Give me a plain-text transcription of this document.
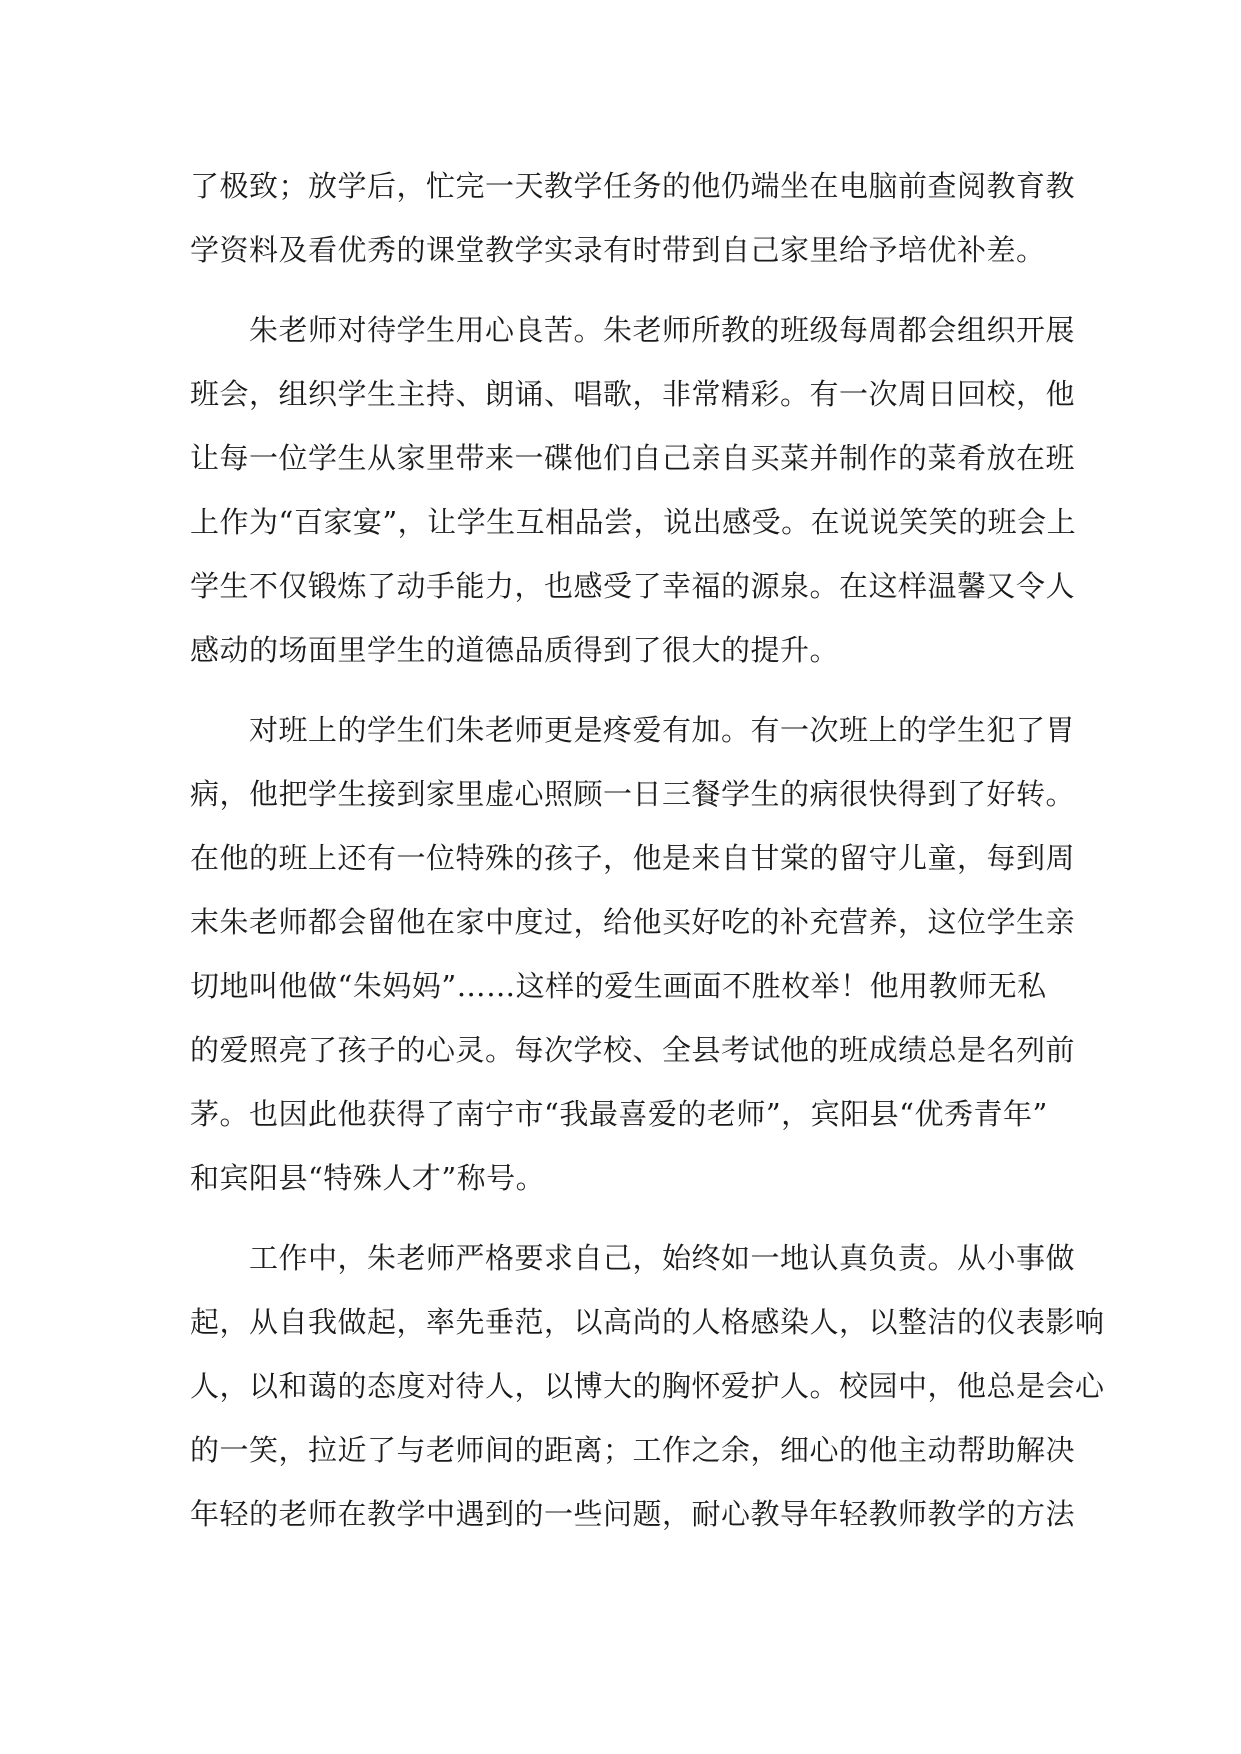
了极致；放学后，忙完一天教学任务的他仍端坐在电脑前查阅教育教
学资料及看优秀的课堂教学实录有时带到自己家里给予培优补差。
　　朱老师对待学生用心良苦。朱老师所教的班级每周都会组织开展
班会，组织学生主持、朗诵、唱歌，非常精彩。有一次周日回校，他
让每一位学生从家里带来一碟他们自己亲自买菜并制作的菜肴放在班
上作为“百家宴”，让学生互相品尝，说出感受。在说说笑笑的班会上
学生不仅锻炼了动手能力，也感受了幸福的源泉。在这样温馨又令人
感动的场面里学生的道德品质得到了很大的提升。
　　对班上的学生们朱老师更是疼爱有加。有一次班上的学生犯了胃
病，他把学生接到家里虚心照顾一日三餐学生的病很快得到了好转。
在他的班上还有一位特殊的孩子，他是来自甘棠的留守儿童，每到周
末朱老师都会留他在家中度过，给他买好吃的补充营养，这位学生亲
切地叫他做“朱妈妈”……这样的爱生画面不胜枚举！他用教师无私
的爱照亮了孩子的心灵。每次学校、全县考试他的班成绩总是名列前
茅。也因此他获得了南宁市“我最喜爱的老师”，宾阳县“优秀青年”
和宾阳县“特殊人才”称号。
　　工作中，朱老师严格要求自己，始终如一地认真负责。从小事做
起，从自我做起，率先垂范，以高尚的人格感染人，以整洁的仪表影响
人，以和蔼的态度对待人，以博大的胸怀爱护人。校园中，他总是会心
的一笑，拉近了与老师间的距离；工作之余，细心的他主动帮助解决
年轻的老师在教学中遇到的一些问题，耐心教导年轻教师教学的方法
